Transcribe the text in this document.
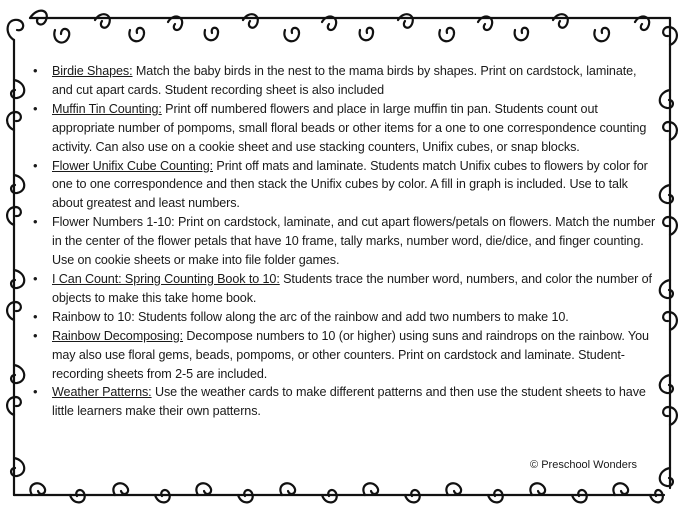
• Birdie Shapes: Match the baby birds in the nest to the mama birds by shapes. Print on cardstock, laminate, and cut apart cards. Student recording sheet is also included
• Muffin Tin Counting: Print off numbered flowers and place in large muffin tin pan. Students count out appropriate number of pompoms, small floral beads or other items for a one to one correspondence counting activity. Can also use on a cookie sheet and use stacking counters, Unifix cubes, or snap blocks.
• Flower Unifix Cube Counting: Print off mats and laminate. Students match Unifix cubes to flowers by color for one to one correspondence and then stack the Unifix cubes by color. A fill in graph is included. Use to talk about greatest and least numbers.
• Flower Numbers 1-10: Print on cardstock, laminate, and cut apart flowers/petals on flowers. Match the number in the center of the flower petals that have 10 frame, tally marks, number word, die/dice, and finger counting. Use on cookie sheets or make into file folder games.
• I Can Count: Spring Counting Book to 10: Students trace the number word, numbers, and color the number of objects to make this take home book.
• Rainbow to 10: Students follow along the arc of the rainbow and add two numbers to make 10.
• Rainbow Decomposing: Decompose numbers to 10 (or higher) using suns and raindrops on the rainbow. You may also use floral gems, beads, pompoms, or other counters. Print on cardstock and laminate. Student-recording sheets from 2-5 are included.
• Weather Patterns: Use the weather cards to make different patterns and then use the student sheets to have little learners make their own patterns.
© Preschool Wonders
